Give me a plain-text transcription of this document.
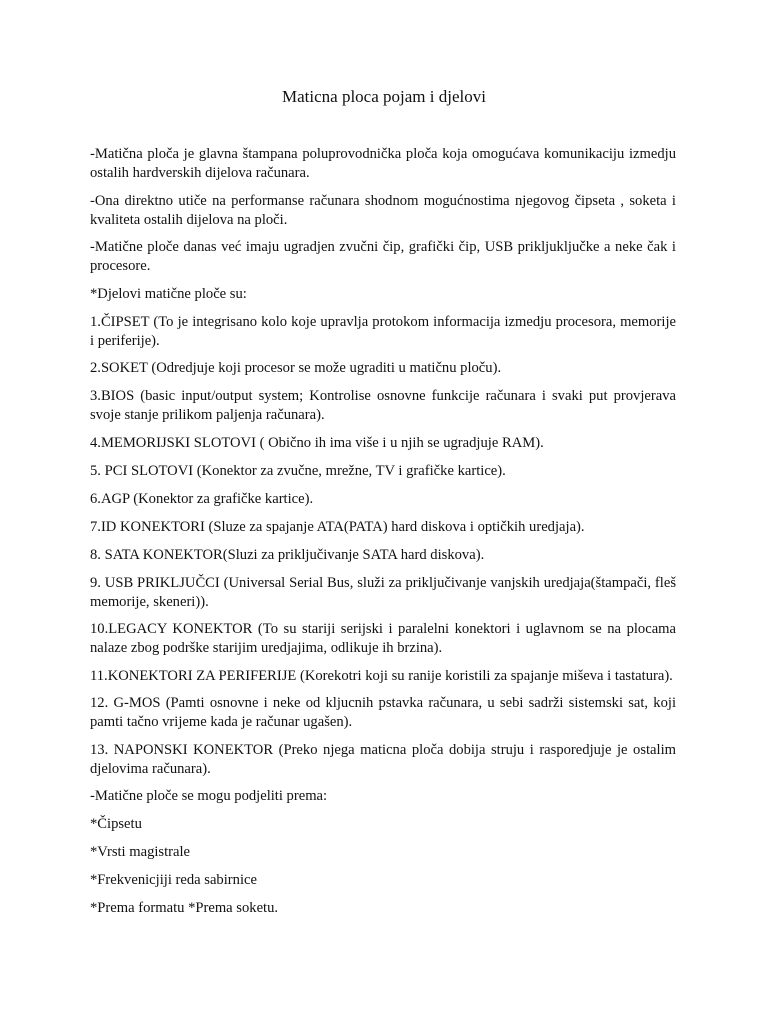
Maticna ploca pojam i djelovi

-Matična ploča je glavna štampana poluprovodnička ploča koja omogućava komunikaciju izmedju ostalih hardverskih dijelova računara.

-Ona direktno utiče na performanse računara shodnom mogućnostima njegovog čipseta , soketa i kvaliteta ostalih dijelova na ploči.

-Matične ploče danas već imaju ugradjen zvučni čip, grafički čip, USB prikljuklјučke a neke čak i procesore.

*Djelovi matične ploče su:

1.ČIPSET (To je integrisano kolo koje upravlja protokom informacija izmedju procesora, memorije i periferije).

2.SOKET (Odredjuje koji procesor se može ugraditi u matičnu ploču).

3.BIOS (basic input/output system; Kontrolise osnovne funkcije računara i svaki put provjerava svoje stanje prilikom paljenja računara).

4.MEMORIJSKI SLOTOVI ( Obično ih ima više i u njih se ugradjuje RAM).

5. PCI SLOTOVI (Konektor za zvučne, mrežne, TV i grafičke kartice).

6.AGP (Konektor za grafičke kartice).

7.ID KONEKTORI (Sluze za spajanje ATA(PATA) hard diskova i optičkih uredjaja).

8. SATA KONEKTOR(Sluzi za priključivanje SATA hard diskova).

9. USB PRIKLJUČCI (Universal Serial Bus, služi za priključivanje vanjskih uredjaja(štampači, fleš memorije, skeneri)).

10.LEGACY KONEKTOR (To su stariji serijski i paralelni konektori i uglavnom se na plocama nalaze zbog podrške starijim uredjajima, odlikuje ih brzina).

11.KONEKTORI ZA PERIFERIJE (Korekotri koji su ranije koristili za spajanje miševa i tastatura).

12. G-MOS (Pamti osnovne i neke od kljucnih pstavka računara, u sebi sadrži sistemski sat, koji pamti tačno vrijeme kada je računar ugašen).

13. NAPONSKI KONEKTOR (Preko njega maticna ploča dobija struju i rasporedjuje je ostalim djelovima računara).

-Matične ploče se mogu podjeliti prema:

*Čipsetu

*Vrsti magistrale

*Frekvenicjiji reda sabirnice

*Prema formatu *Prema soketu.
